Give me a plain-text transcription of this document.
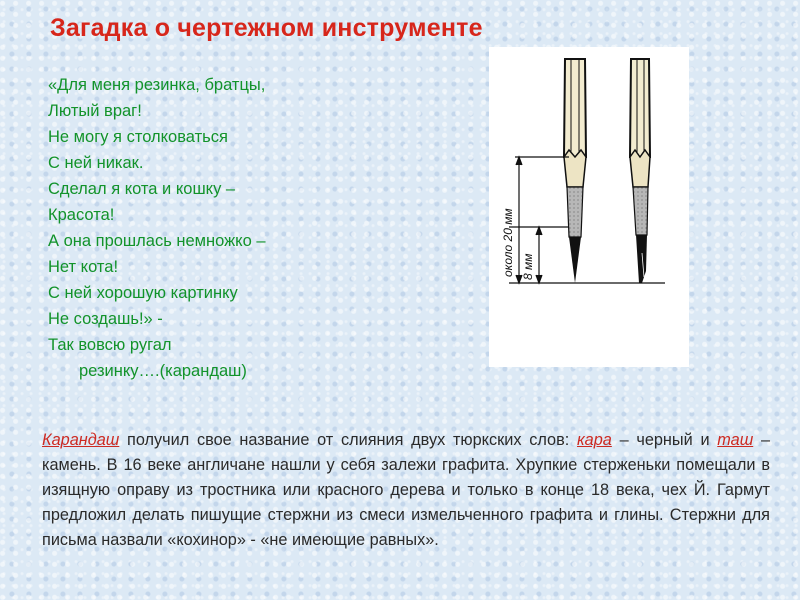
Загадка о чертежном инструменте
«Для меня резинка, братцы,
Лютый враг!
Не могу я столковаться
С ней никак.
Сделал я кота и кошку –
Красота!
А она прошлась немножко –
Нет кота!
С ней хорошую картинку
Не создашь!» -
Так вовсю ругал
резинку….(карандаш)
около 20 мм 8 мм

Карандаш получил свое название от слияния двух тюркских слов: кара – черный и таш – камень. В 16 веке англичане нашли у себя залежи графита. Хрупкие стерженьки помещали в изящную оправу из тростника или красного дерева и только в конце 18 века, чех Й. Гармут предложил делать пишущие стержни из смеси измельченного графита и глины. Стержни для письма назвали «кохинор» - «не имеющие равных».
